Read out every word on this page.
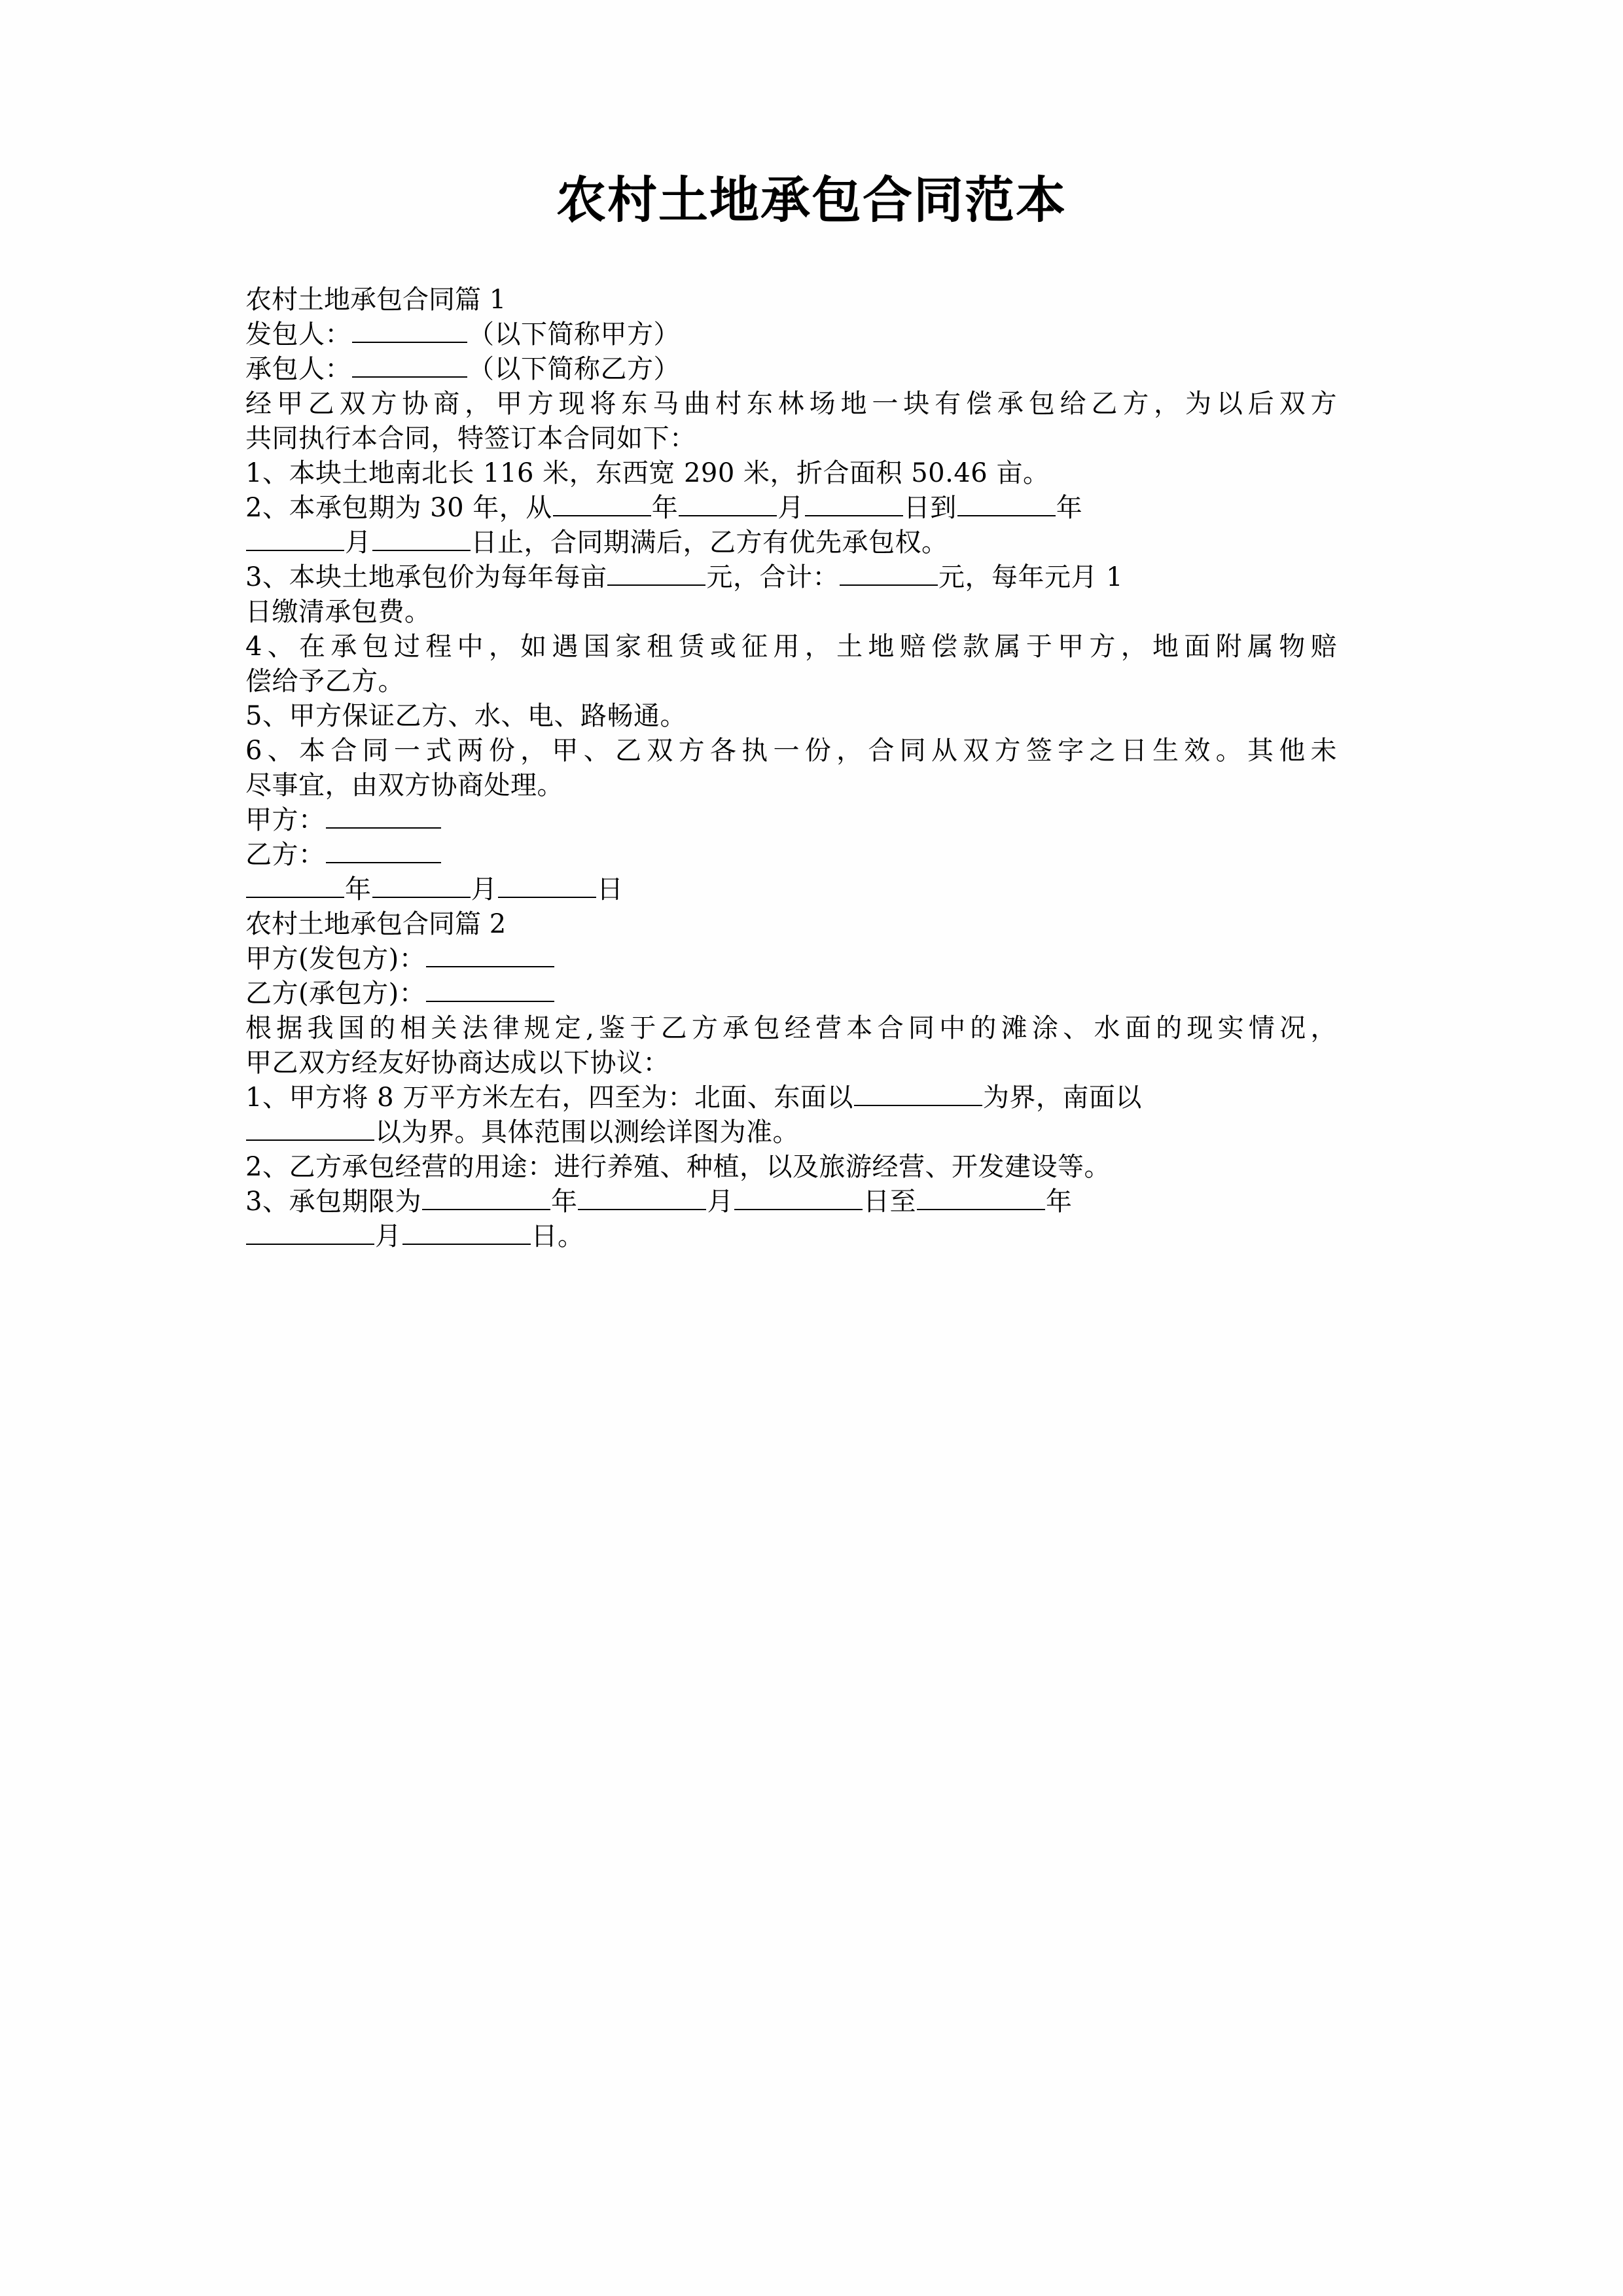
农村土地承包合同范本
农村土地承包合同篇 1
发包人：	（以下简称甲方）
承包人：	（以下简称乙方）
经甲乙双方协商，甲方现将东马曲村东林场地一块有偿承包给乙方，为以后双方
共同执行本合同，特签订本合同如下：
1、本块土地南北长 116 米，东西宽 290 米，折合面积 50.46 亩。
2、本承包期为 30 年，从	年	月	日到	年
月	日止，合同期满后，乙方有优先承包权。
3、本块土地承包价为每年每亩	元，合计：	元，每年元月 1
日缴清承包费。
4、在承包过程中，如遇国家租赁或征用，土地赔偿款属于甲方，地面附属物赔
偿给予乙方。
5、甲方保证乙方、水、电、路畅通。
6、本合同一式两份，甲、乙双方各执一份，合同从双方签字之日生效。其他未
尽事宜，由双方协商处理。
甲方：
乙方：
年	月	日
农村土地承包合同篇 2
甲方(发包方)：
乙方(承包方)：
根据我国的相关法律规定,鉴于乙方承包经营本合同中的滩涂、水面的现实情况，
甲乙双方经友好协商达成以下协议：
1、甲方将 8 万平方米左右，四至为：北面、东面以	为界，南面以
以为界。具体范围以测绘详图为准。
2、乙方承包经营的用途：进行养殖、种植，以及旅游经营、开发建设等。
3、承包期限为	年	月	日至	年
月	日。
